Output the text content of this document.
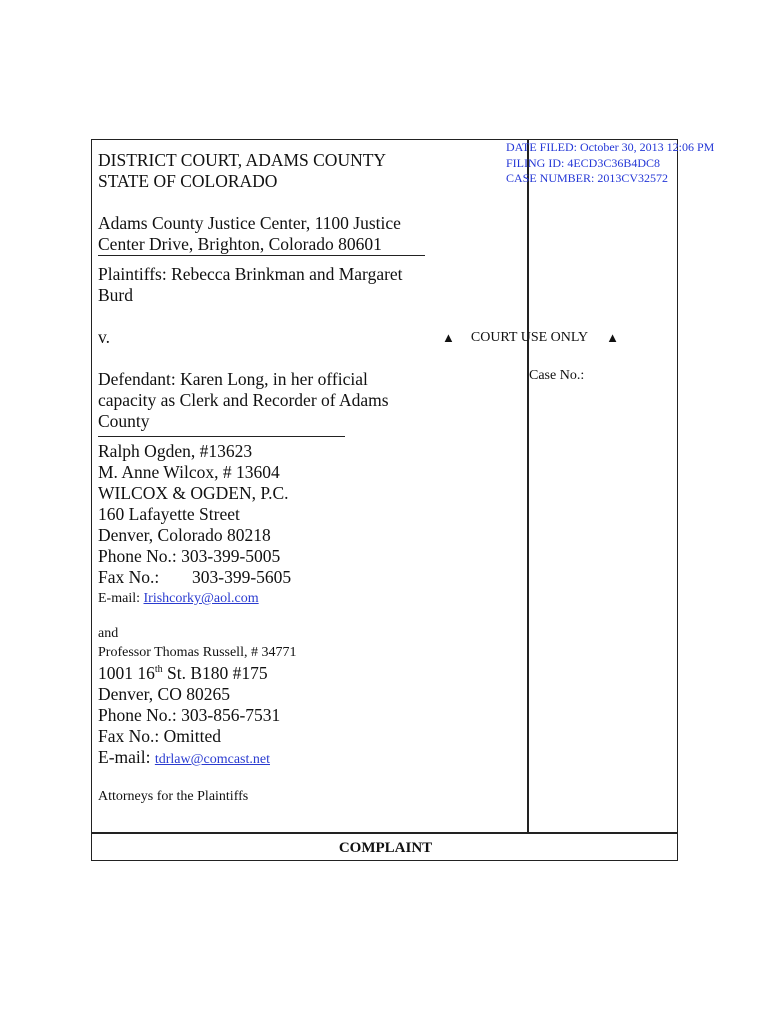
DISTRICT COURT, ADAMS COUNTY

STATE OF COLORADO

Adams County Justice Center, 1100 Justice

Center Drive, Brighton, Colorado 80601

Plaintiffs: Rebecca Brinkman and Margaret

Burd

v.

Defendant: Karen Long, in her official

capacity as Clerk and Recorder of Adams

County

Ralph Ogden, #13623

M. Anne Wilcox, # 13604

WILCOX & OGDEN, P.C.

160 Lafayette Street

Denver, Colorado 80218

Phone No.: 303-399-5005

Fax No.: 303-399-5605

E-mail: Irishcorky@aol.com

and

Professor Thomas Russell, # 34771

1001 16th St. B180 #175

Denver, CO 80265

Phone No.: 303-856-7531

Fax No.: Omitted

E-mail: tdrlaw@comcast.net

Attorneys for the Plaintiffs

DATE FILED: October 30, 2013 12:06 PM
FILING ID: 4ECD3C36B4DC8
CASE NUMBER: 2013CV32572
▲ COURT USE ONLY ▲
Case No.:
COMPLAINT
